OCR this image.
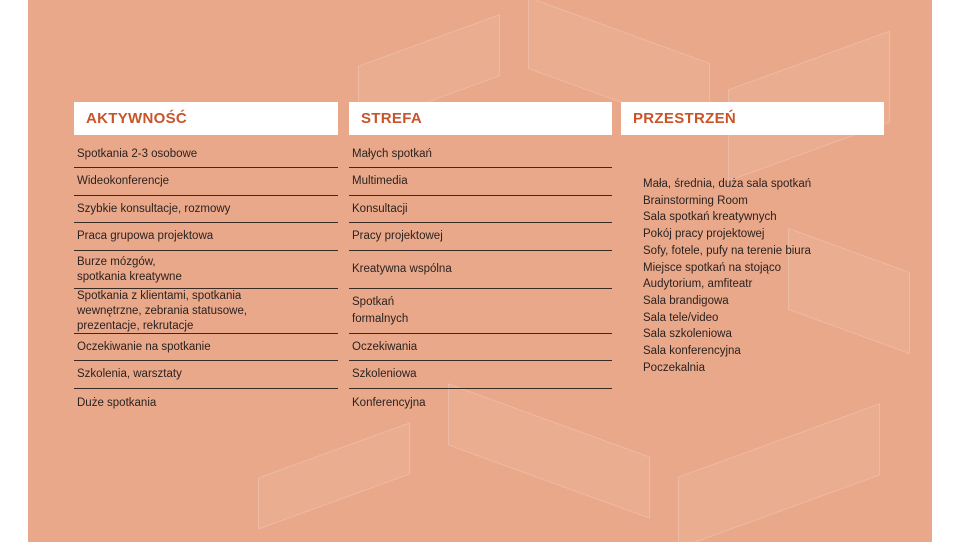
AKTYWNOŚĆ
Spotkania 2-3 osobowe
Wideokonferencje
Szybkie konsultacje, rozmowy
Praca grupowa projektowa
Burze mózgów,
spotkania kreatywne
Spotkania z klientami, spotkania
wewnętrzne, zebrania statusowe,
prezentacje, rekrutacje
Oczekiwanie na spotkanie
Szkolenia, warsztaty
Duże spotkania
STREFA
Małych spotkań
Multimedia
Konsultacji
Pracy projektowej
Kreatywna wspólna
Spotkań
formalnych
Oczekiwania
Szkoleniowa
Konferencyjna
PRZESTRZEŃ
Mała, średnia, duża sala spotkań
Brainstorming Room
Sala spotkań kreatywnych
Pokój pracy projektowej
Sofy, fotele, pufy na terenie biura
Miejsce spotkań na stojąco
Audytorium, amfiteatr
Sala brandigowa
Sala tele/video
Sala szkoleniowa
Sala konferencyjna
Poczekalnia
